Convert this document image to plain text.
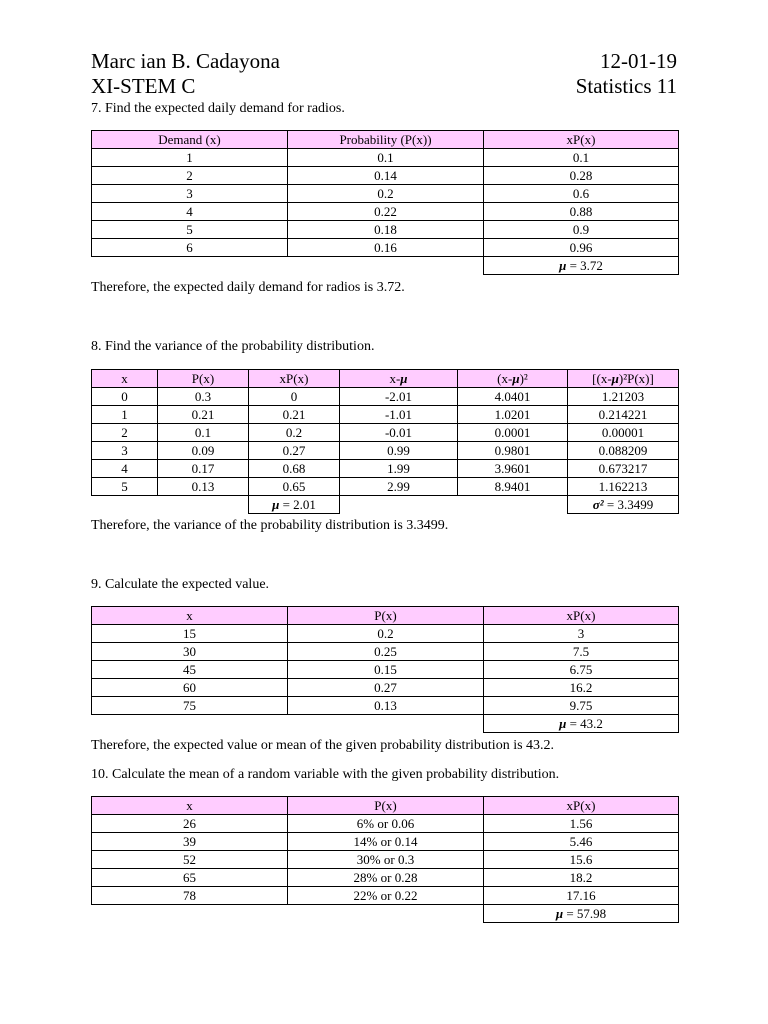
Marc ian B. Cadayona	12-01-19
XI-STEM C	Statistics 11
7. Find the expected daily demand for radios.
Demand (x)	Probability (P(x))	xP(x)
1	0.1	0.1
2	0.14	0.28
3	0.2	0.6
4	0.22	0.88
5	0.18	0.9
6	0.16	0.96
		μ = 3.72
Therefore, the expected daily demand for radios is 3.72.
8. Find the variance of the probability distribution.
x	P(x)	xP(x)	x-μ	(x-μ)²	[(x-μ)²P(x)]
0	0.3	0	-2.01	4.0401	1.21203
1	0.21	0.21	-1.01	1.0201	0.214221
2	0.1	0.2	-0.01	0.0001	0.00001
3	0.09	0.27	0.99	0.9801	0.088209
4	0.17	0.68	1.99	3.9601	0.673217
5	0.13	0.65	2.99	8.9401	1.162213
		μ = 2.01			σ² = 3.3499
Therefore, the variance of the probability distribution is 3.3499.
9. Calculate the expected value.
x	P(x)	xP(x)
15	0.2	3
30	0.25	7.5
45	0.15	6.75
60	0.27	16.2
75	0.13	9.75
		μ = 43.2
Therefore, the expected value or mean of the given probability distribution is 43.2.
10. Calculate the mean of a random variable with the given probability distribution.
x	P(x)	xP(x)
26	6% or 0.06	1.56
39	14% or 0.14	5.46
52	30% or 0.3	15.6
65	28% or 0.28	18.2
78	22% or 0.22	17.16
		μ = 57.98
